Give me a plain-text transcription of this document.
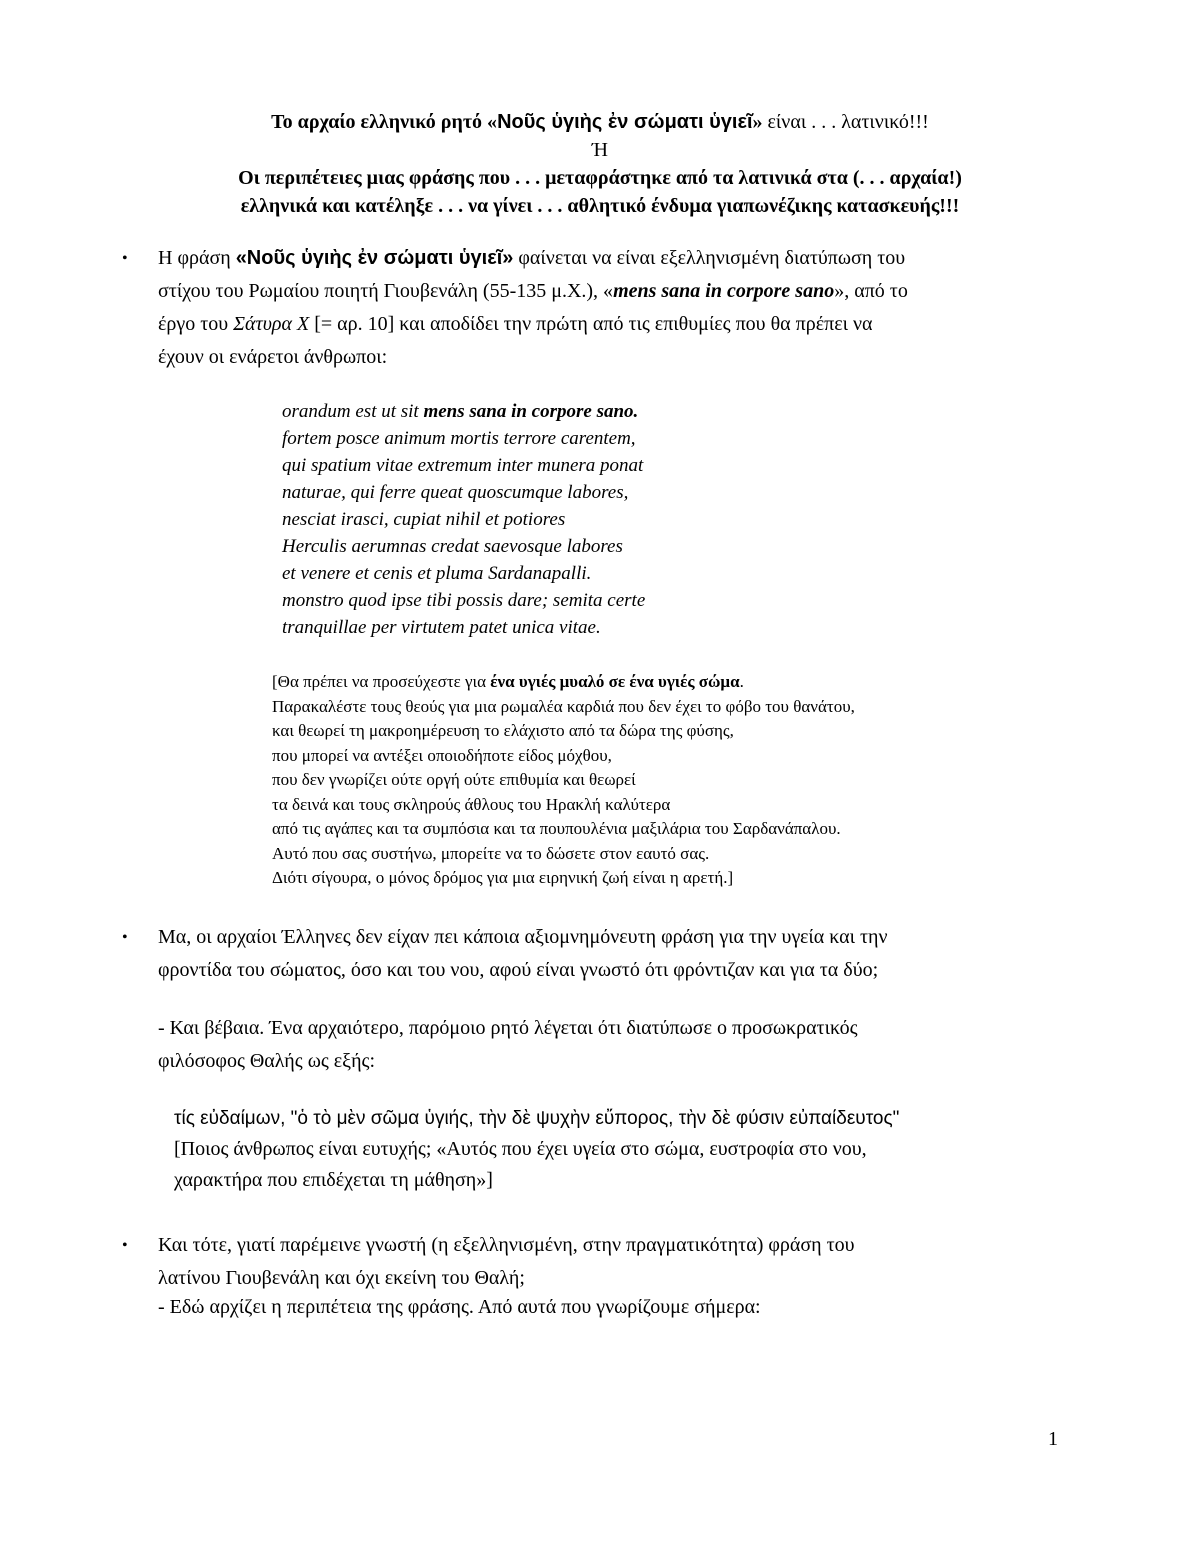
Το αρχαίο ελληνικό ρητό «Νοῦς ὑγιὴς ἐν σώματι ὑγιεῖ» είναι . . . λατινικό!!!
Ή
Οι περιπέτειες μιας φράσης που . . . μεταφράστηκε από τα λατινικά στα (. . . αρχαία!)
ελληνικά και κατέληξε . . . να γίνει . . . αθλητικό ένδυμα γιαπωνέζικης κατασκευής!!!
• Η φράση «Νοῦς ὑγιὴς ἐν σώματι ὑγιεῖ» φαίνεται να είναι εξελληνισμένη διατύπωση του
στίχου του Ρωμαίου ποιητή Γιουβενάλη (55-135 μ.Χ.), «mens sana in corpore sano», από το
έργο του Σάτυρα Χ [= αρ. 10] και αποδίδει την πρώτη από τις επιθυμίες που θα πρέπει να
έχουν οι ενάρετοι άνθρωποι:
orandum est ut sit mens sana in corpore sano.
fortem posce animum mortis terrore carentem,
qui spatium vitae extremum inter munera ponat
naturae, qui ferre queat quoscumque labores,
nesciat irasci, cupiat nihil et potiores
Herculis aerumnas credat saevosque labores
et venere et cenis et pluma Sardanapalli.
monstro quod ipse tibi possis dare; semita certe
tranquillae per virtutem patet unica vitae.
[Θα πρέπει να προσεύχεστε για ένα υγιές μυαλό σε ένα υγιές σώμα.
Παρακαλέστε τους θεούς για μια ρωμαλέα καρδιά που δεν έχει το φόβο του θανάτου,
και θεωρεί τη μακροημέρευση το ελάχιστο από τα δώρα της φύσης,
που μπορεί να αντέξει οποιοδήποτε είδος μόχθου,
που δεν γνωρίζει ούτε οργή ούτε επιθυμία και θεωρεί
τα δεινά και τους σκληρούς άθλους του Ηρακλή καλύτερα
από τις αγάπες και τα συμπόσια και τα πουπουλένια μαξιλάρια του Σαρδανάπαλου.
Αυτό που σας συστήνω, μπορείτε να το δώσετε στον εαυτό σας.
Διότι σίγουρα, ο μόνος δρόμος για μια ειρηνική ζωή είναι η αρετή.]
• Μα, οι αρχαίοι Έλληνες δεν είχαν πει κάποια αξιομνημόνευτη φράση για την υγεία και την
φροντίδα του σώματος, όσο και του νου, αφού είναι γνωστό ότι φρόντιζαν και για τα δύο;
- Και βέβαια. Ένα αρχαιότερο, παρόμοιο ρητό λέγεται ότι διατύπωσε ο προσωκρατικός
φιλόσοφος Θαλής ως εξής:
τίς εὐδαίμων, "ὁ τὸ μὲν σῶμα ὑγιής, τὴν δὲ ψυχὴν εὔπορος, τὴν δὲ φύσιν εὐπαίδευτος"
[Ποιος άνθρωπος είναι ευτυχής; «Αυτός που έχει υγεία στο σώμα, ευστροφία στο νου,
χαρακτήρα που επιδέχεται τη μάθηση»]
• Και τότε, γιατί παρέμεινε γνωστή (η εξελληνισμένη, στην πραγματικότητα) φράση του
λατίνου Γιουβενάλη και όχι εκείνη του Θαλή;
- Εδώ αρχίζει η περιπέτεια της φράσης. Από αυτά που γνωρίζουμε σήμερα:
1
